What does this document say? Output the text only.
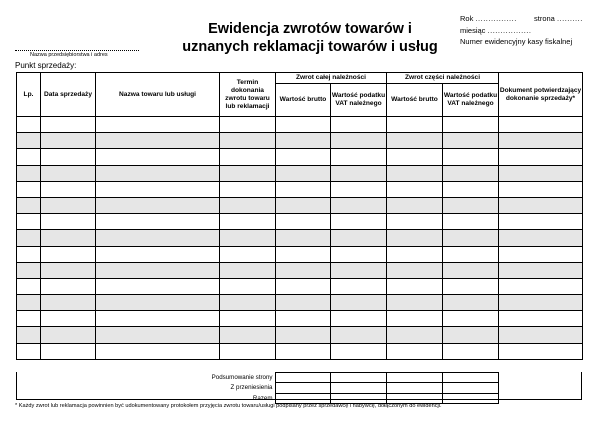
Ewidencja zwrotów towarów i
uznanych reklamacji towarów i usług
Rok ................ strona ..........
miesiąc .................
Numer ewidencyjny kasy fiskalnej
Nazwa przedsiębiorstwa i adres
Punkt sprzedaży:
Lp.	Data sprzedaży	Nazwa towaru lub usługi	Termin dokonania zwrotu towaru lub reklamacji	Zwrot całej należności		Zwrot części należności		Dokument potwierdzający dokonanie sprzedaży*
				Wartość brutto	Wartość podatku VAT należnego	Wartość brutto	Wartość podatku VAT należnego	

Podsumowanie strony					
Z przeniesienia					
Razem					
* Każdy zwrot lub reklamacja powinnien być udokumentowany protokołem przyjęcia zwrotu towaru/usługi podpisany przez sprzedawcę i nabywcę, dołączonym do ewidencji.
